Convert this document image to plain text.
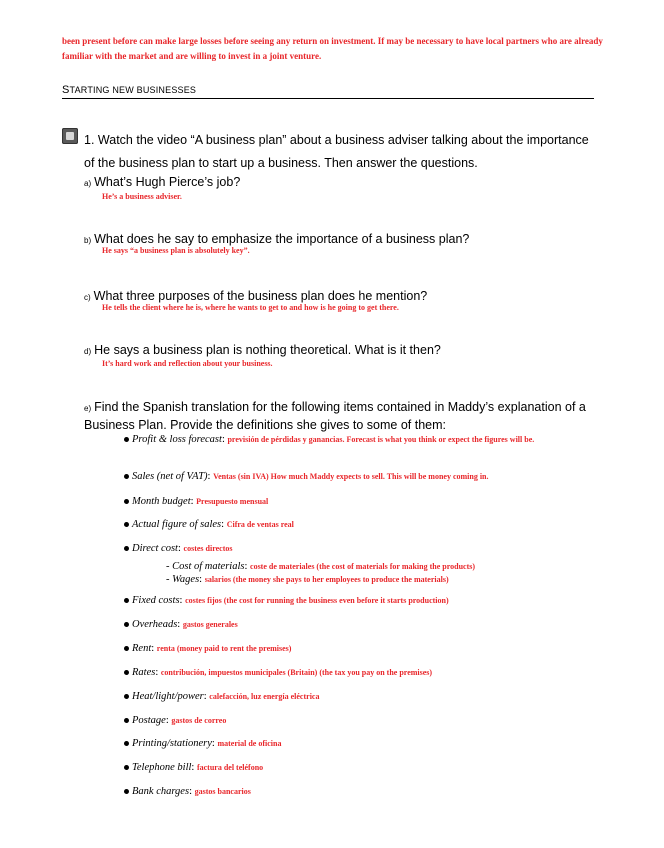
been present before can make large losses before seeing any return on investment. If may be necessary to have local partners who are already familiar with the market and are willing to invest in a joint venture.
STARTING NEW BUSINESSES
1. Watch the video “A business plan” about a business adviser talking about the importance of the business plan to start up a business. Then answer the questions.
a) What’s Hugh Pierce’s job?
He’s a business adviser.
b) What does he say to emphasize the importance of a business plan?
He says “a business plan is absolutely key”.
c) What three purposes of the business plan does he mention?
He tells the client where he is, where he wants to get to and how is he going to get there.
d) He says a business plan is nothing theoretical. What is it then?
It’s hard work and reflection about your business.
e) Find the Spanish translation for the following items contained in Maddy’s explanation of a Business Plan. Provide the definitions she gives to some of them:
Profit & loss forecast: previsión de pérdidas y ganancias. Forecast is what you think or expect the figures will be.
Sales (net of VAT): Ventas (sin IVA) How much Maddy expects to sell. This will be money coming in.
Month budget: Presupuesto mensual
Actual figure of sales: Cifra de ventas real
Direct cost: costes directos
- Cost of materials: coste de materiales (the cost of materials for making the products)
- Wages: salarios (the money she pays to her employees to produce the materials)
Fixed costs: costes fijos (the cost for running the business even before it starts production)
Overheads: gastos generales
Rent: renta (money paid to rent the premises)
Rates: contribución, impuestos municipales (Britain) (the tax you pay on the premises)
Heat/light/power: calefacción, luz energía eléctrica
Postage: gastos de correo
Printing/stationery: material de oficina
Telephone bill: factura del teléfono
Bank charges: gastos bancarios
